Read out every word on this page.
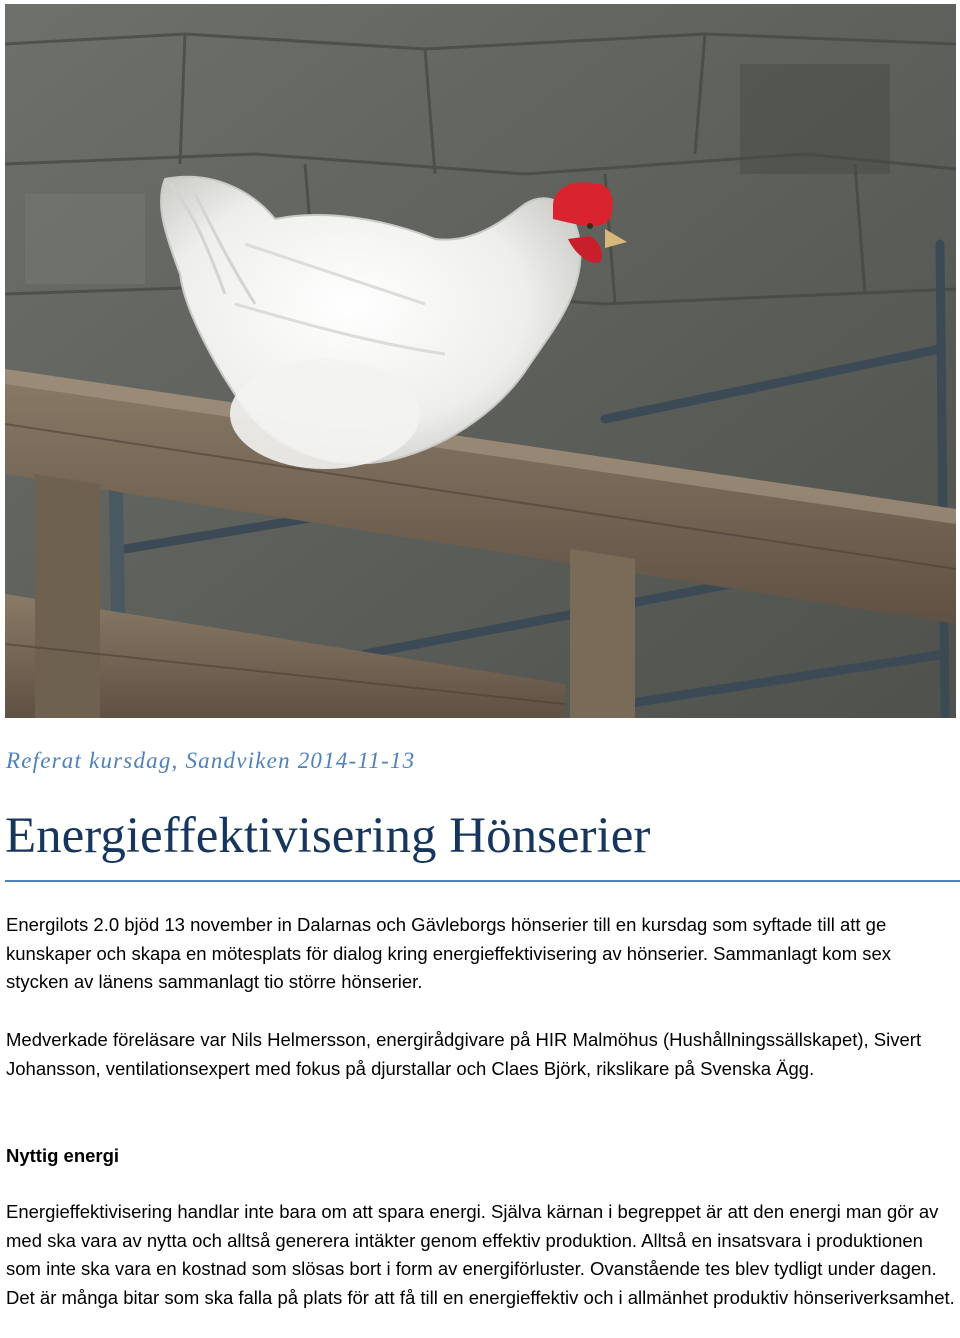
Referat kursdag, Sandviken 2014-11-13
Energieffektivisering Hönserier

Energilots 2.0 bjöd 13 november in Dalarnas och Gävleborgs hönserier till en kursdag som syftade till att ge kunskaper och skapa en mötesplats för dialog kring energieffektivisering av hönserier. Sammanlagt kom sex stycken av länens sammanlagt tio större hönserier.

Medverkade föreläsare var Nils Helmersson, energirådgivare på HIR Malmöhus (Hushållningssällskapet), Sivert Johansson, ventilationsexpert med fokus på djurstallar och Claes Björk, rikslikare på Svenska Ägg.

Nyttig energi

Energieffektivisering handlar inte bara om att spara energi. Själva kärnan i begreppet är att den energi man gör av med ska vara av nytta och alltså generera intäkter genom effektiv produktion. Alltså en insatsvara i produktionen som inte ska vara en kostnad som slösas bort i form av energiförluster. Ovanstående tes blev tydligt under dagen. Det är många bitar som ska falla på plats för att få till en energieffektiv och i allmänhet produktiv hönseriverksamhet.
